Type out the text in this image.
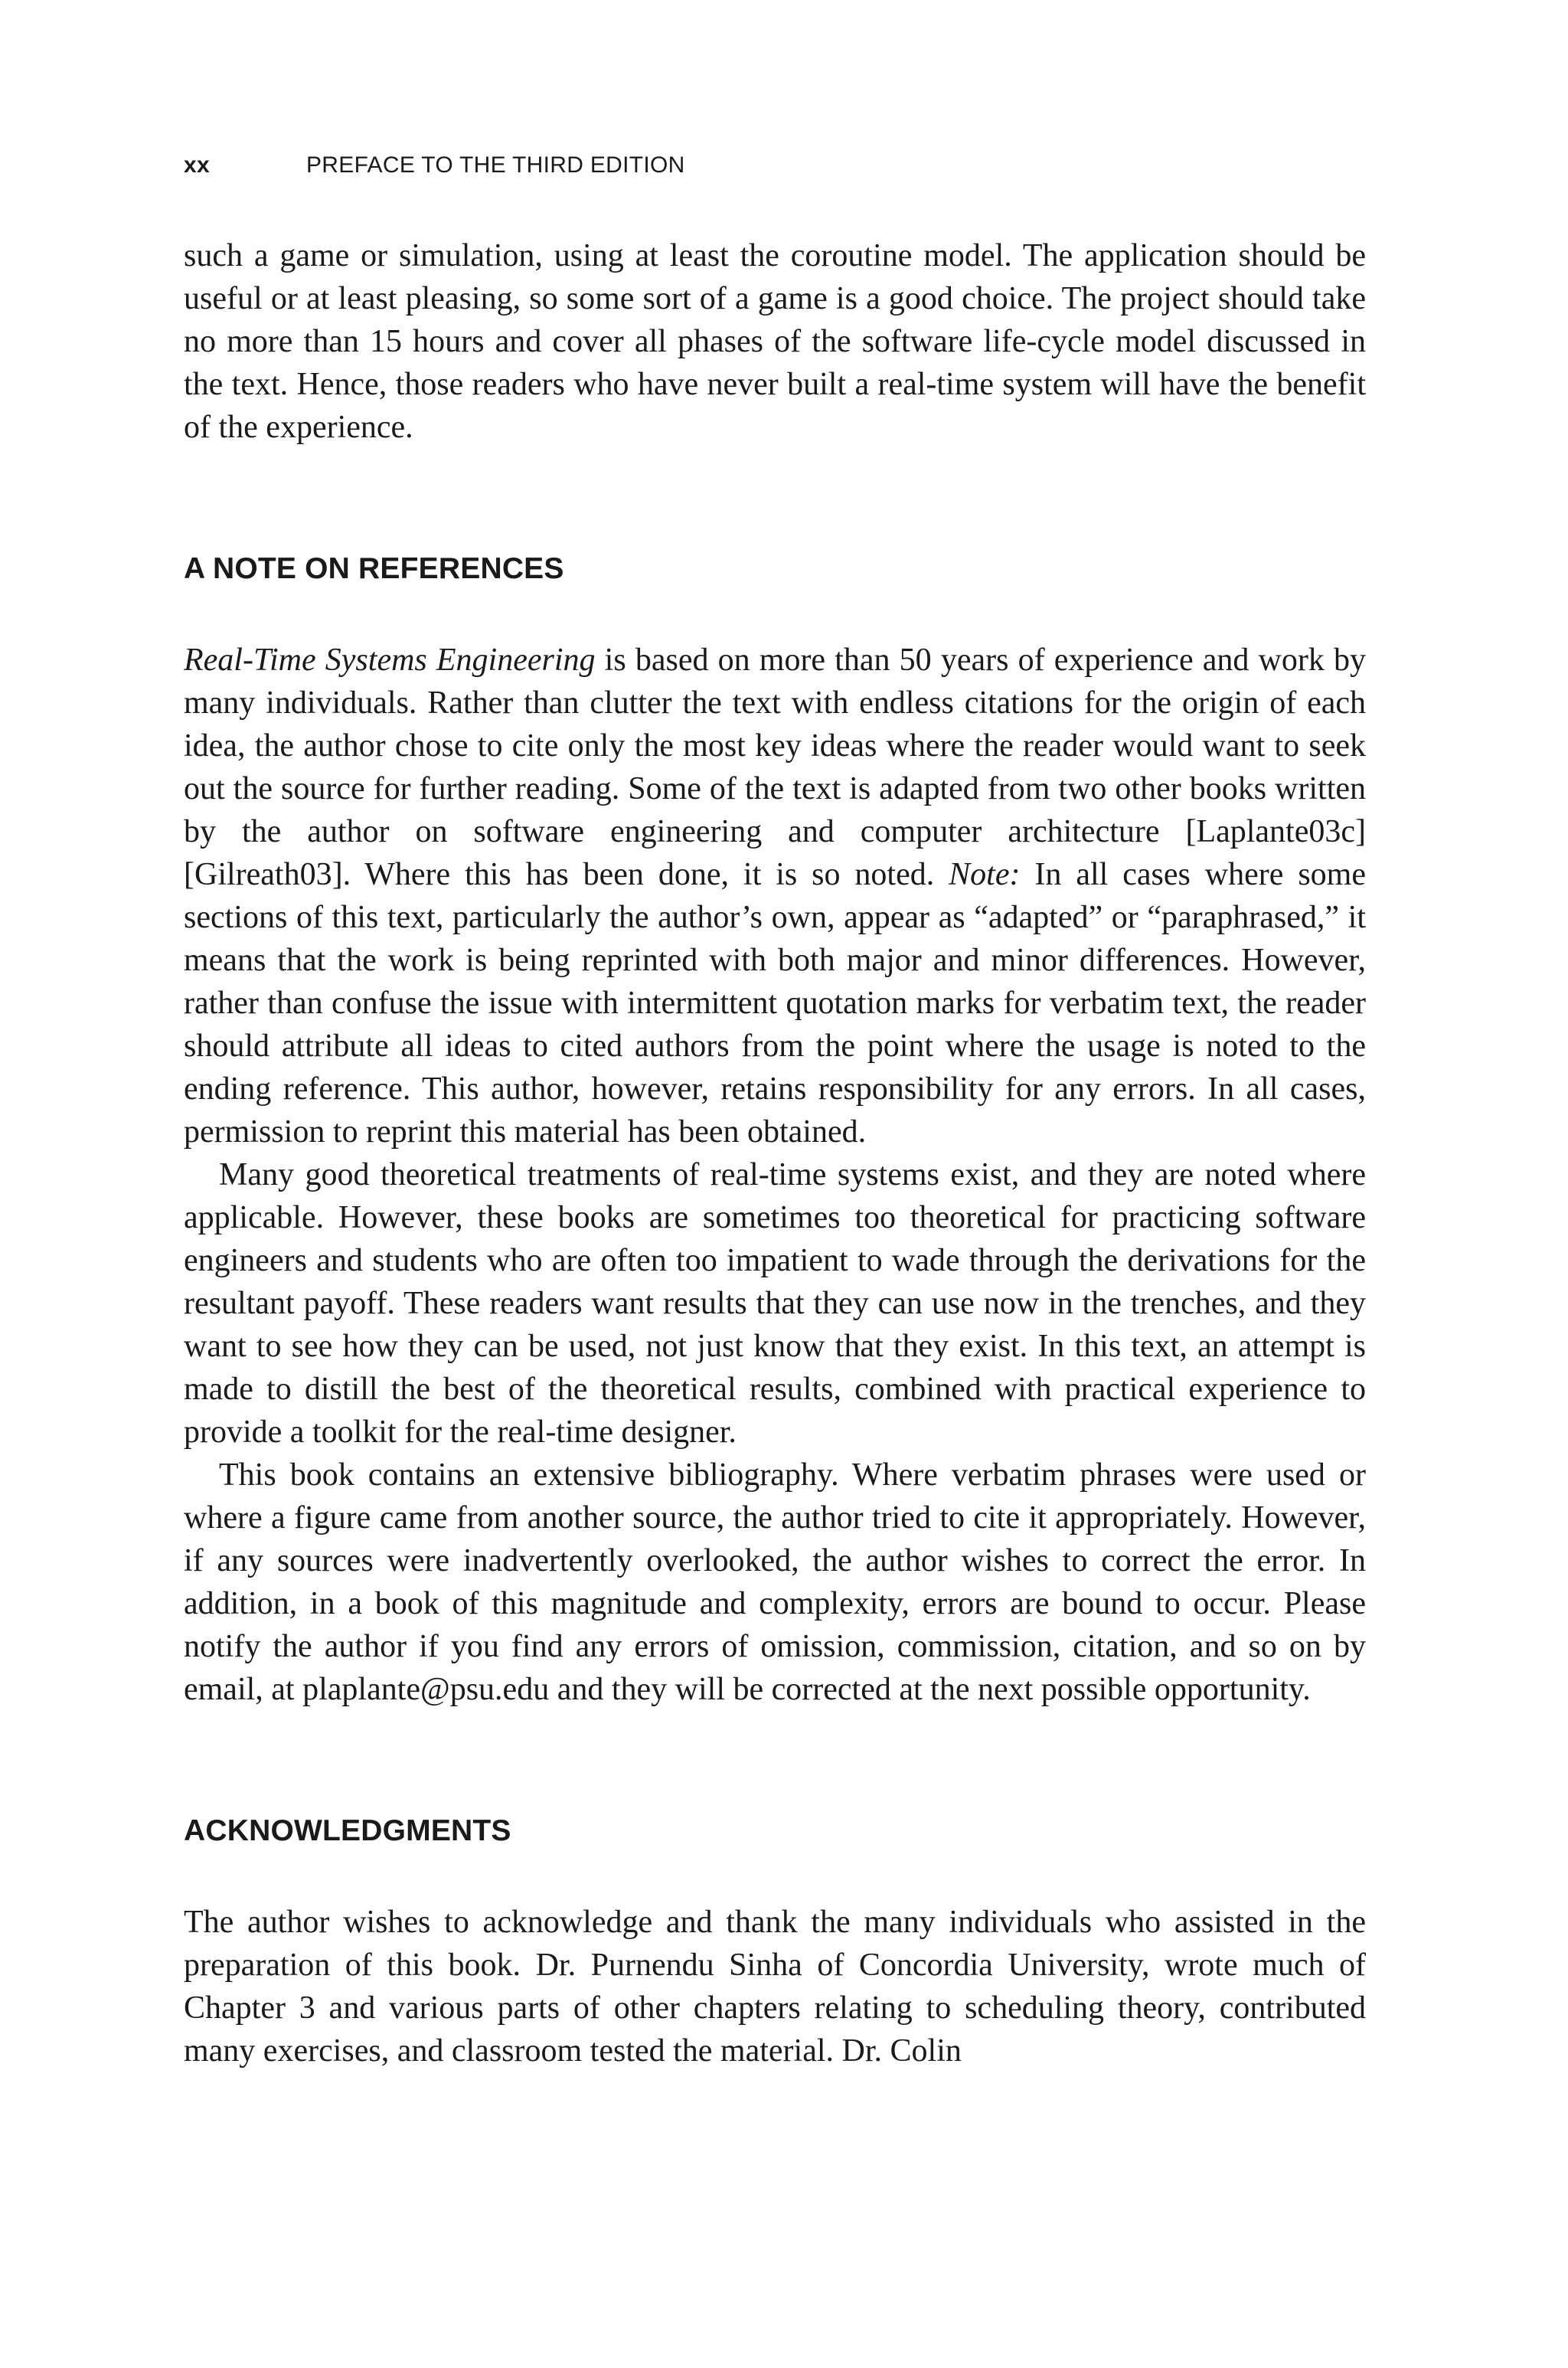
xx	PREFACE TO THE THIRD EDITION

such a game or simulation, using at least the coroutine model. The application should be useful or at least pleasing, so some sort of a game is a good choice. The project should take no more than 15 hours and cover all phases of the software life-cycle model discussed in the text. Hence, those readers who have never built a real-time system will have the benefit of the experience.

A NOTE ON REFERENCES

Real-Time Systems Engineering is based on more than 50 years of experience and work by many individuals. Rather than clutter the text with endless citations for the origin of each idea, the author chose to cite only the most key ideas where the reader would want to seek out the source for further reading. Some of the text is adapted from two other books written by the author on software engineering and computer architecture [Laplante03c] [Gilreath03]. Where this has been done, it is so noted. Note: In all cases where some sections of this text, particularly the author’s own, appear as “adapted” or “paraphrased,” it means that the work is being reprinted with both major and minor differences. However, rather than confuse the issue with intermittent quotation marks for verbatim text, the reader should attribute all ideas to cited authors from the point where the usage is noted to the ending reference. This author, however, retains responsibility for any errors. In all cases, permission to reprint this material has been obtained.

Many good theoretical treatments of real-time systems exist, and they are noted where applicable. However, these books are sometimes too theoretical for practicing software engineers and students who are often too impatient to wade through the derivations for the resultant payoff. These readers want results that they can use now in the trenches, and they want to see how they can be used, not just know that they exist. In this text, an attempt is made to distill the best of the theoretical results, combined with practical experience to provide a toolkit for the real-time designer.

This book contains an extensive bibliography. Where verbatim phrases were used or where a figure came from another source, the author tried to cite it appropriately. However, if any sources were inadvertently overlooked, the author wishes to correct the error. In addition, in a book of this magnitude and complexity, errors are bound to occur. Please notify the author if you find any errors of omission, commission, citation, and so on by email, at plaplante@psu.edu and they will be corrected at the next possible opportunity.

ACKNOWLEDGMENTS

The author wishes to acknowledge and thank the many individuals who assisted in the preparation of this book. Dr. Purnendu Sinha of Concordia University, wrote much of Chapter 3 and various parts of other chapters relating to scheduling theory, contributed many exercises, and classroom tested the material. Dr. Colin
